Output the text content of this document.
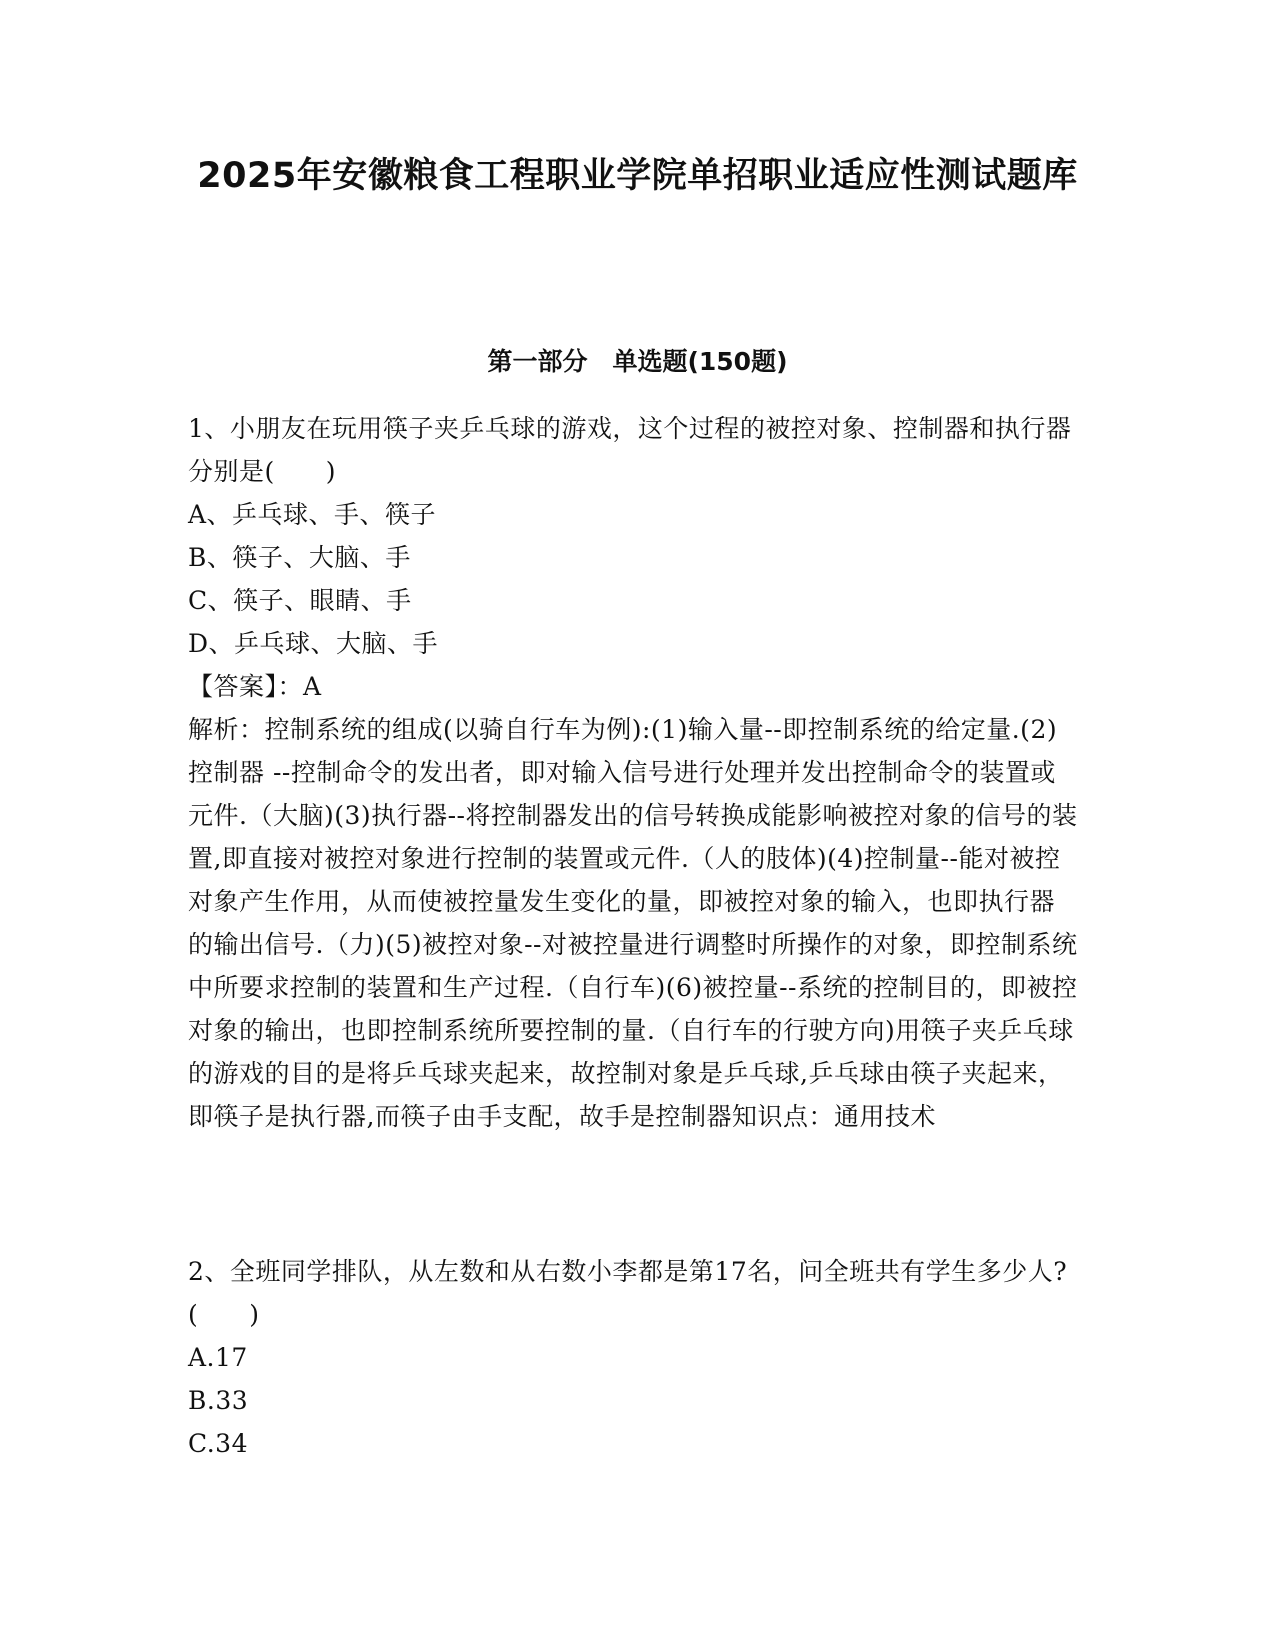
2025年安徽粮食工程职业学院单招职业适应性测试题库
第一部分　单选题(150题)

1、小朋友在玩用筷子夹乒乓球的游戏，这个过程的被控对象、控制器和执行器分别是(　　)

A、乒乓球、手、筷子

B、筷子、大脑、手

C、筷子、眼睛、手

D、乒乓球、大脑、手

【答案】：A

解析：控制系统的组成(以骑自行车为例):(1)输入量--即控制系统的给定量.(2)控制器 --控制命令的发出者，即对输入信号进行处理并发出控制命令的装置或元件.（大脑)(3)执行器--将控制器发出的信号转换成能影响被控对象的信号的装置,即直接对被控对象进行控制的装置或元件.（人的肢体)(4)控制量--能对被控对象产生作用，从而使被控量发生变化的量，即被控对象的输入，也即执行器的输出信号.（力)(5)被控对象--对被控量进行调整时所操作的对象，即控制系统中所要求控制的装置和生产过程.（自行车)(6)被控量--系统的控制目的，即被控对象的输出，也即控制系统所要控制的量.（自行车的行驶方向)用筷子夹乒乓球的游戏的目的是将乒乓球夹起来，故控制对象是乒乓球,乒乓球由筷子夹起来，即筷子是执行器,而筷子由手支配，故手是控制器知识点：通用技术

2、全班同学排队，从左数和从右数小李都是第17名，问全班共有学生多少人?(　　)

A.17

B.33

C.34
